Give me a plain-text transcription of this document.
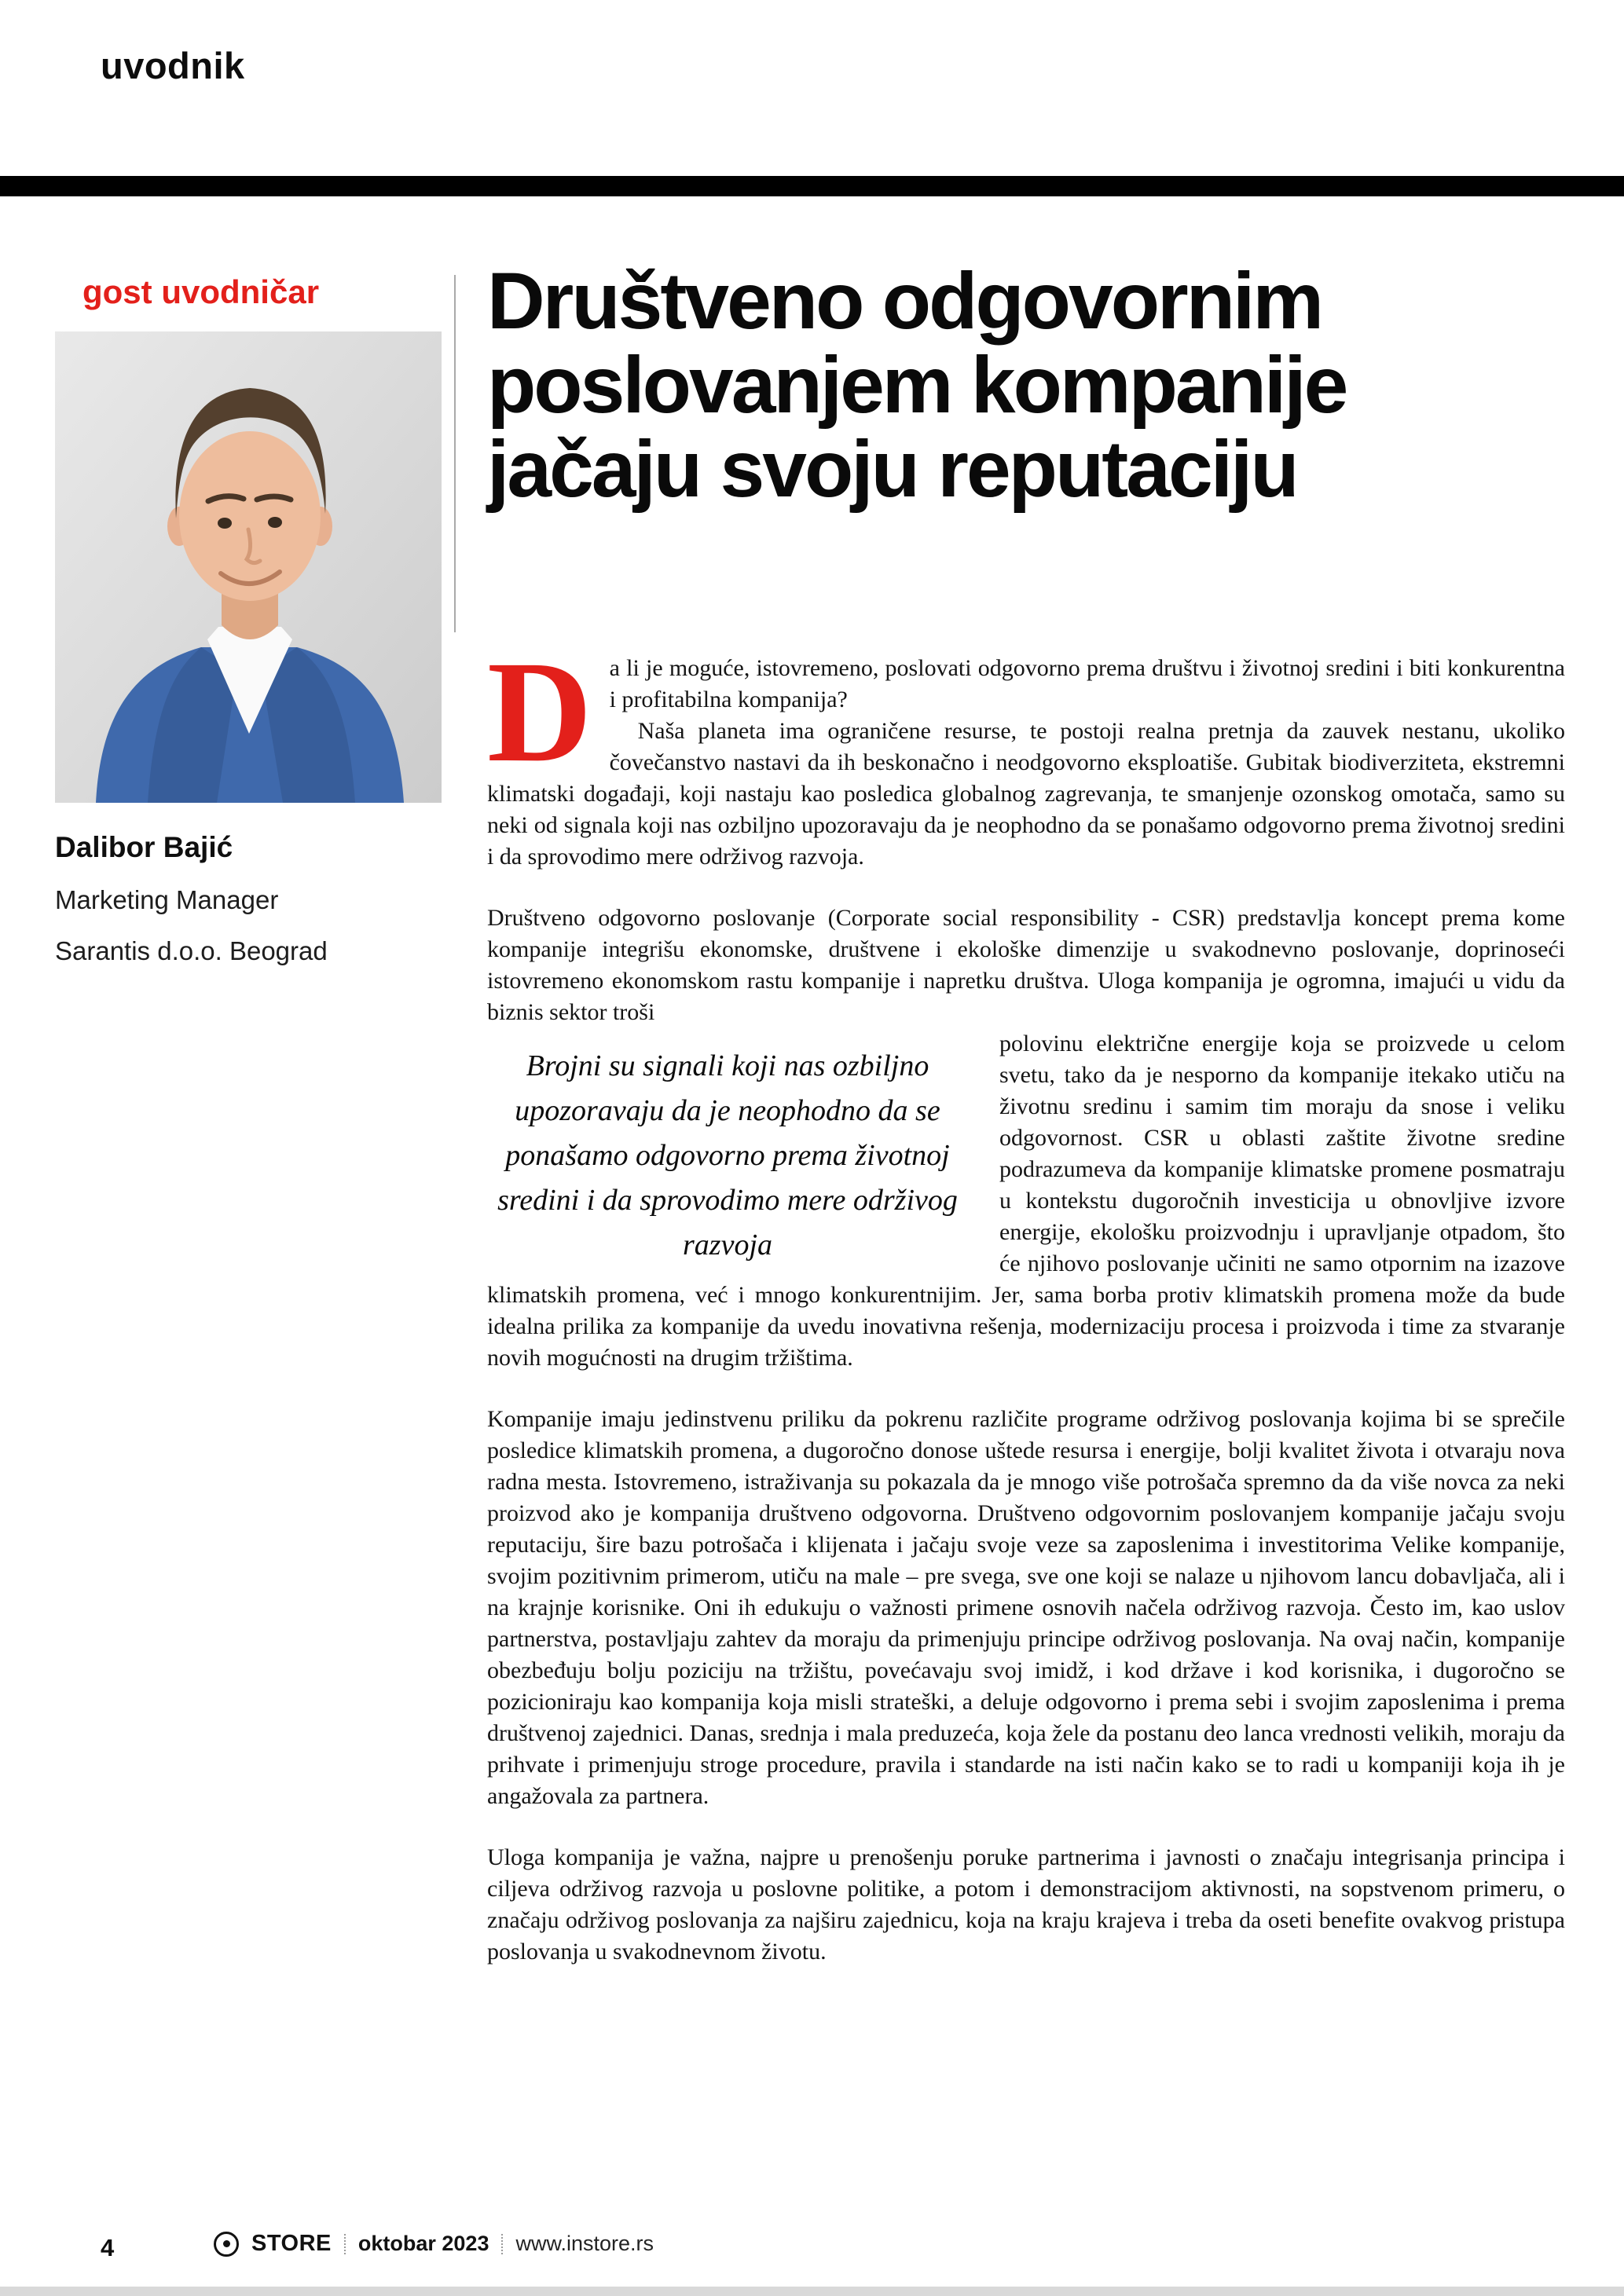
uvodnik
gost uvodničar
Dalibor Bajić
Marketing Manager
Sarantis d.o.o. Beograd
Društveno odgovornim
poslovanjem kompanije
jačaju svoju reputaciju
D a li je moguće, istovremeno, poslovati odgovorno prema društvu i životnoj sredini i biti konkurentna i profitabilna kompanija?

Naša planeta ima ograničene resurse, te postoji realna pretnja da zauvek nestanu, ukoliko čovečanstvo nastavi da ih beskonačno i neodgovorno eksploatiše. Gubitak biodiverziteta, ekstremni klimatski događaji, koji nastaju kao posledica globalnog zagrevanja, te smanjenje ozonskog omotača, samo su neki od signala koji nas ozbiljno upozoravaju da je neophodno da se ponašamo odgovorno prema životnoj sredini i da sprovodimo mere održivog razvoja.

Društveno odgovorno poslovanje (Corporate social responsibility - CSR) predstavlja koncept prema kome kompanije integrišu ekonomske, društvene i ekološke dimenzije u svakodnevno poslovanje, doprinoseći istovremeno ekonomskom rastu kompanije i napretku društva. Uloga kompanija je ogromna, imajući u vidu da biznis sektor troši

Brojni su signali koji nas ozbiljno upozoravaju da je neophodno da se ponašamo odgovorno prema životnoj sredini i da sprovodimo mere održivog razvoja

polovinu električne energije koja se proizvede u celom svetu, tako da je nesporno da kompanije itekako utiču na životnu sredinu i samim tim moraju da snose i veliku odgovornost. CSR u oblasti zaštite životne sredine podrazumeva da kompanije klimatske promene posmatraju u kontekstu dugoročnih investicija u obnovljive izvore energije, ekološku proizvodnju i upravljanje otpadom, što će njihovo poslovanje učiniti ne samo otpornim na izazove klimatskih promena, već i mnogo konkurentnijim. Jer, sama borba protiv klimatskih promena može da bude idealna prilika za kompanije da uvedu inovativna rešenja, modernizaciju procesa i proizvoda i time za stvaranje novih mogućnosti na drugim tržištima.

Kompanije imaju jedinstvenu priliku da pokrenu različite programe održivog poslovanja kojima bi se sprečile posledice klimatskih promena, a dugoročno donose uštede resursa i energije, bolji kvalitet života i otvaraju nova radna mesta. Istovremeno, istraživanja su pokazala da je mnogo više potrošača spremno da da više novca za neki proizvod ako je kompanija društveno odgovorna. Društveno odgovornim poslovanjem kompanije jačaju svoju reputaciju, šire bazu potrošača i klijenata i jačaju svoje veze sa zaposlenima i investitorima Velike kompanije, svojim pozitivnim primerom, utiču na male – pre svega, sve one koji se nalaze u njihovom lancu dobavljača, ali i na krajnje korisnike. Oni ih edukuju o važnosti primene osnovih načela održivog razvoja. Često im, kao uslov partnerstva, postavljaju zahtev da moraju da primenjuju principe održivog poslovanja. Na ovaj način, kompanije obezbeđuju bolju poziciju na tržištu, povećavaju svoj imidž, i kod države i kod korisnika, i dugoročno se pozicioniraju kao kompanija koja misli strateški, a deluje odgovorno i prema sebi i svojim zaposlenima i prema društvenoj zajednici. Danas, srednja i mala preduzeća, koja žele da postanu deo lanca vrednosti velikih, moraju da prihvate i primenjuju stroge procedure, pravila i standarde na isti način kako se to radi u kompaniji koja ih je angažovala za partnera.

Uloga kompanija je važna, najpre u prenošenju poruke partnerima i javnosti o značaju integrisanja principa i ciljeva održivog razvoja u poslovne politike, a potom i demonstracijom aktivnosti, na sopstvenom primeru, o značaju održivog poslovanja za najširu zajednicu, koja na kraju krajeva i treba da oseti benefite ovakvog pristupa poslovanja u svakodnevnom životu.

4	STORE oktobar 2023 www.instore.rs
